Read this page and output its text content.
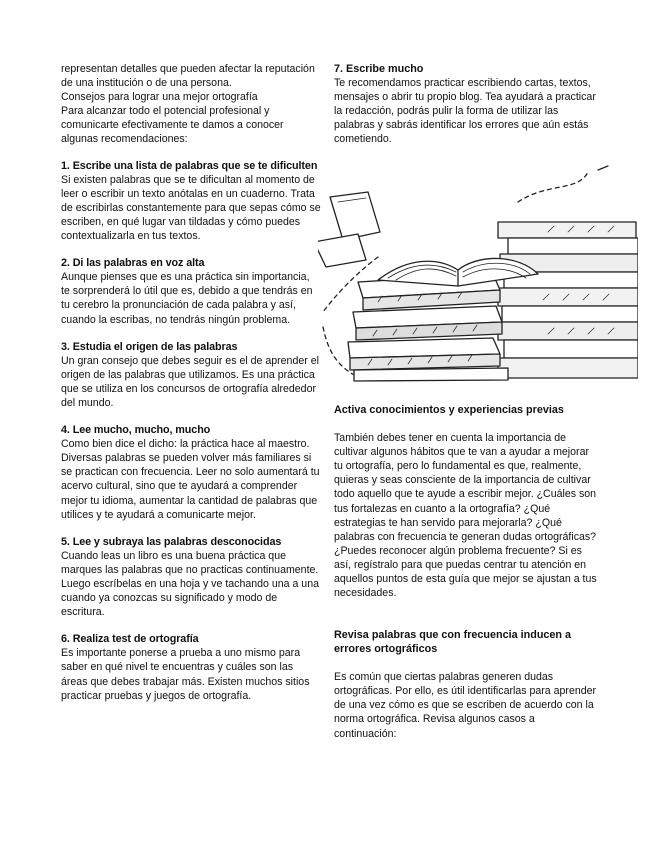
representan detalles que pueden afectar la reputación de una institución o de una persona.

Consejos para lograr una mejor ortografía

Para alcanzar todo el potencial profesional y comunicarte efectivamente te damos a conocer algunas recomendaciones:

1. Escribe una lista de palabras que se te dificulten

Si existen palabras que se te dificultan al momento de leer o escribir un texto anótalas en un cuaderno. Trata de escribirlas constantemente para que sepas cómo se escriben, en qué lugar van tildadas y cómo puedes contextualizarla en tus textos.

2. Di las palabras en voz alta

Aunque pienses que es una práctica sin importancia, te sorprenderá lo útil que es, debido a que tendrás en tu cerebro la pronunciación de cada palabra y así, cuando la escribas, no tendrás ningún problema.

3. Estudia el origen de las palabras

Un gran consejo que debes seguir es el de aprender el origen de las palabras que utilizamos. Es una práctica que se utiliza en los concursos de ortografía alrededor del mundo.

4. Lee mucho, mucho, mucho

Como bien dice el dicho: la práctica hace al maestro. Diversas palabras se pueden volver más familiares si se practican con frecuencia. Leer no solo aumentará tu acervo cultural, sino que te ayudará a comprender mejor tu idioma, aumentar la cantidad de palabras que utilices y te ayudará a comunicarte mejor.

5. Lee y subraya las palabras desconocidas

Cuando leas un libro es una buena práctica que marques las palabras que no practicas continuamente. Luego escríbelas en una hoja y ve tachando una a una cuando ya conozcas su significado y modo de escritura.

6. Realiza test de ortografía

Es importante ponerse a prueba a uno mismo para saber en qué nivel te encuentras y cuáles son las áreas que debes trabajar más. Existen muchos sitios practicar pruebas y juegos de ortografía.

7. Escribe mucho

Te recomendamos practicar escribiendo cartas, textos, mensajes o abrir tu propio blog. Tea ayudará a practicar la redacción, podrás pulir la forma de utilizar las palabras y sabrás identificar los errores que aún estás cometiendo.

Activa conocimientos y experiencias previas

También debes tener en cuenta la importancia de cultivar algunos hábitos que te van a ayudar a mejorar tu ortografía, pero lo fundamental es que, realmente, quieras y seas consciente de la importancia de cultivar todo aquello que te ayude a escribir mejor. ¿Cuáles son tus fortalezas en cuanto a la ortografía? ¿Qué estrategias te han servido para mejorarla? ¿Qué palabras con frecuencia te generan dudas ortográficas? ¿Puedes reconocer algún problema frecuente? Si es así, regístralo para que puedas centrar tu atención en aquellos puntos de esta guía que mejor se ajustan a tus necesidades.

Revisa palabras que con frecuencia inducen a errores ortográficos

Es común que ciertas palabras generen dudas ortográficas. Por ello, es útil identificarlas para aprender de una vez cómo es que se escriben de acuerdo con la norma ortográfica. Revisa algunos casos a continuación:
